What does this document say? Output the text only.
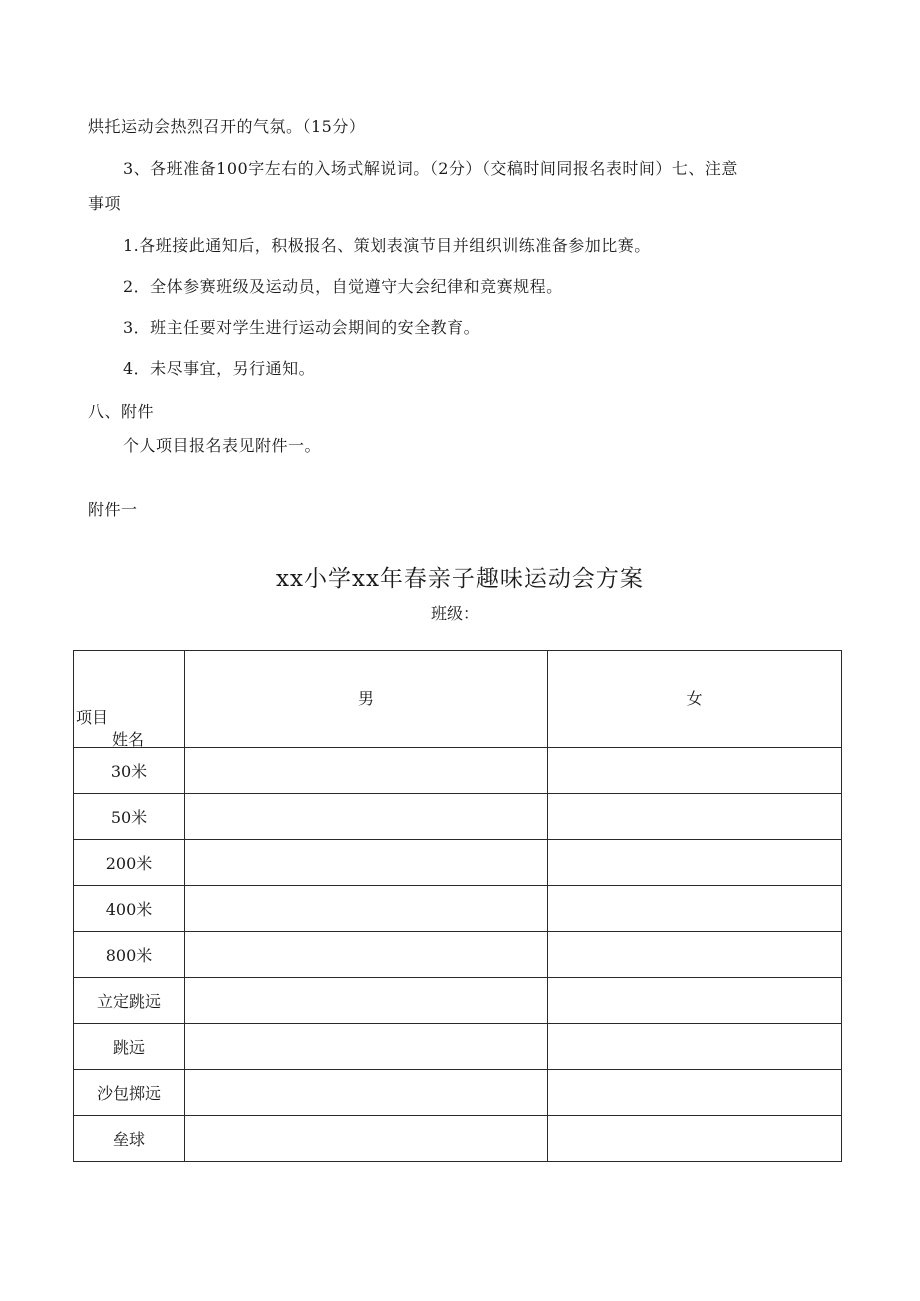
烘托运动会热烈召开的气氛。（15分）
3、各班准备100字左右的入场式解说词。（2分）（交稿时间同报名表时间）七、注意
事项
1.各班接此通知后，积极报名、策划表演节目并组织训练准备参加比赛。
2．全体参赛班级及运动员，自觉遵守大会纪律和竞赛规程。
3．班主任要对学生进行运动会期间的安全教育。
4．未尽事宜，另行通知。
八、附件
个人项目报名表见附件一。
附件一
xx小学xx年春亲子趣味运动会方案
班级：
项目
姓名	男	女
30米		
50米		
200米		
400米		
800米		
立定跳远		
跳远		
沙包掷远		
垒球		
